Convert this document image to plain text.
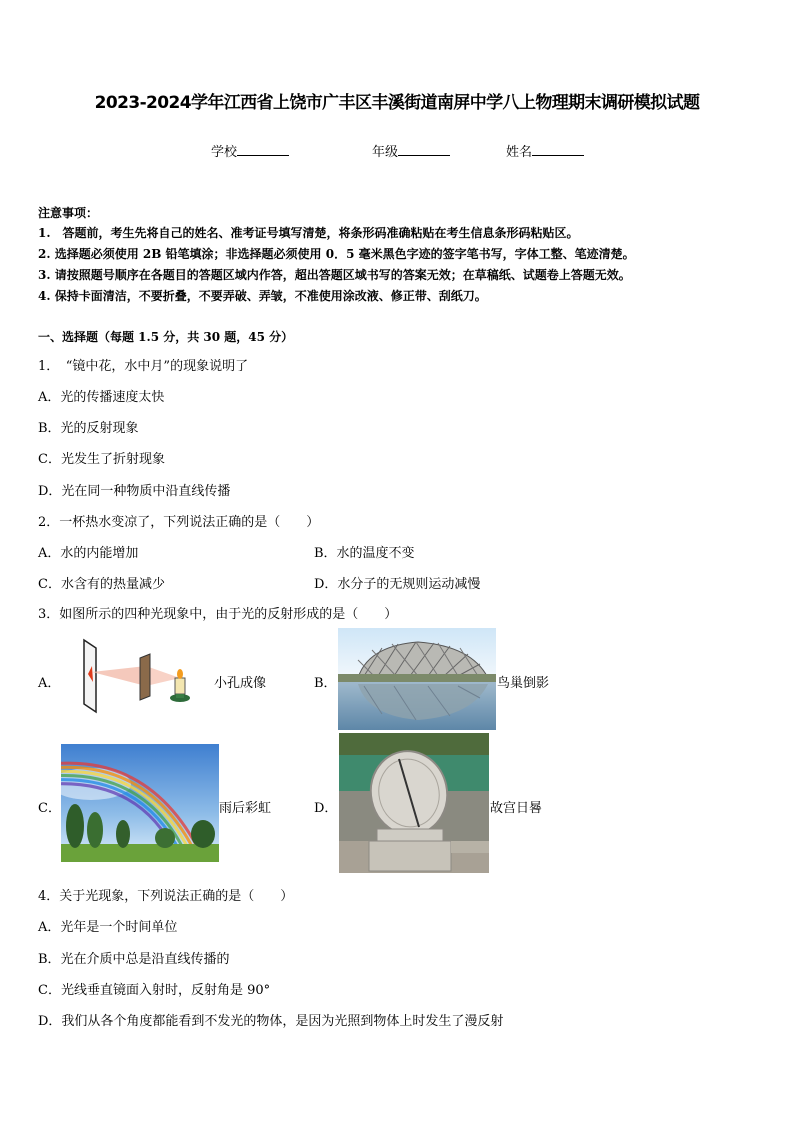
2023-2024学年江西省上饶市广丰区丰溪街道南屏中学八上物理期末调研模拟试题
学校	年级	姓名
注意事项：
1.　答题前，考生先将自己的姓名、准考证号填写清楚，将条形码准确粘贴在考生信息条形码粘贴区。
2. 选择题必须使用 2B 铅笔填涂；非选择题必须使用 0．5 毫米黑色字迹的签字笔书写，字体工整、笔迹清楚。
3. 请按照题号顺序在各题目的答题区域内作答，超出答题区域书写的答案无效；在草稿纸、试题卷上答题无效。
4. 保持卡面清洁，不要折叠，不要弄破、弄皱，不准使用涂改液、修正带、刮纸刀。
一、选择题（每题 1.5 分，共 30 题，45 分）
1．　“镜中花，水中月”的现象说明了
A．光的传播速度太快
B．光的反射现象
C．光发生了折射现象
D．光在同一种物质中沿直线传播
2．一杯热水变凉了，下列说法正确的是（　　）
A．水的内能增加	B．水的温度不变
C．水含有的热量减少	D．水分子的无规则运动减慢
3．如图所示的四种光现象中，由于光的反射形成的是（　　）
A．	小孔成像	B．	鸟巢倒影
C．	雨后彩虹	D．	故宫日晷
4．关于光现象，下列说法正确的是（　　）
A．光年是一个时间单位
B．光在介质中总是沿直线传播的
C．光线垂直镜面入射时，反射角是 90°
D．我们从各个角度都能看到不发光的物体，是因为光照到物体上时发生了漫反射
